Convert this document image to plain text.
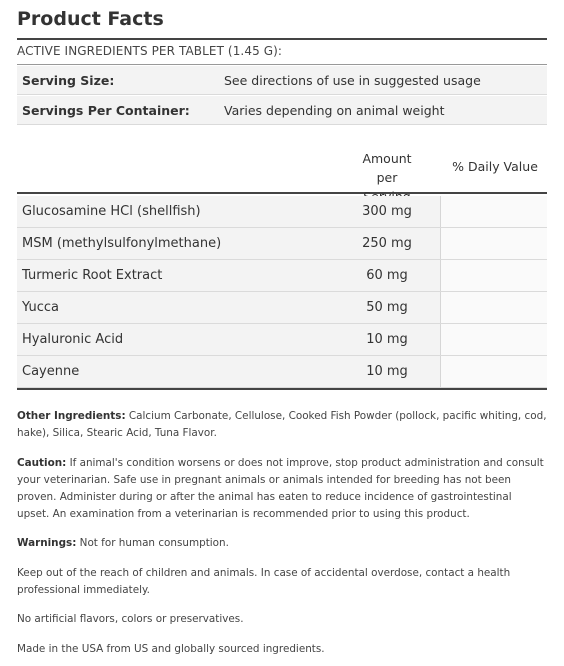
Product Facts
ACTIVE INGREDIENTS PER TABLET (1.45 G):
Serving Size:	See directions of use in suggested usage
Servings Per Container:	Varies depending on animal weight
Amount per
% Daily Value
Glucosamine HCl (shellfish)	300 mg
MSM (methylsulfonylmethane)	250 mg
Turmeric Root Extract	60 mg
Yucca	50 mg
Hyaluronic Acid	10 mg
Cayenne	10 mg
Other Ingredients: Calcium Carbonate, Cellulose, Cooked Fish Powder (pollock, pacific whiting, cod, hake), Silica, Stearic Acid, Tuna Flavor.
Caution: If animal's condition worsens or does not improve, stop product administration and consult your veterinarian. Safe use in pregnant animals or animals intended for breeding has not been proven. Administer during or after the animal has eaten to reduce incidence of gastrointestinal upset. An examination from a veterinarian is recommended prior to using this product.
Warnings: Not for human consumption.
Keep out of the reach of children and animals. In case of accidental overdose, contact a health professional immediately.
No artificial flavors, colors or preservatives.
Made in the USA from US and globally sourced ingredients.
